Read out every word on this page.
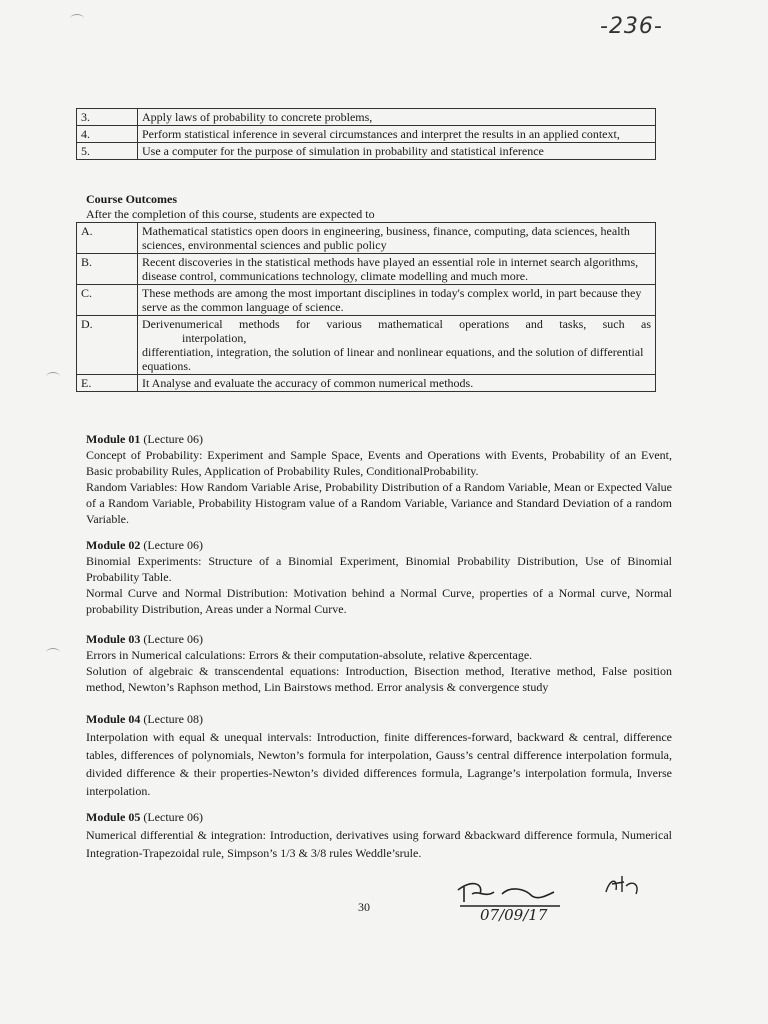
-236-
3.	Apply laws of probability to concrete problems,
4.	Perform statistical inference in several circumstances and interpret the results in an applied context,
5.	Use a computer for the purpose of simulation in probability and statistical inference
Course Outcomes
After the completion of this course, students are expected to
A.	Mathematical statistics open doors in engineering, business, finance, computing, data sciences, health sciences, environmental sciences and public policy
B.	Recent discoveries in the statistical methods have played an essential role in internet search algorithms, disease control, communications technology, climate modelling and much more.
C.	These methods are among the most important disciplines in today's complex world, in part because they serve as the common language of science.
D.	Derivenumerical methods for various mathematical operations and tasks, such as
interpolation,
differentiation, integration, the solution of linear and nonlinear equations, and the solution of differential equations.

E.	It Analyse and evaluate the accuracy of common numerical methods.
Module 01 (Lecture 06)

Concept of Probability: Experiment and Sample Space, Events and Operations with Events, Probability of an Event, Basic probability Rules, Application of Probability Rules, ConditionalProbability.

Random Variables: How Random Variable Arise, Probability Distribution of a Random Variable, Mean or Expected Value of a Random Variable, Probability Histogram value of a Random Variable, Variance and Standard Deviation of a random Variable.

Module 02 (Lecture 06)

Binomial Experiments: Structure of a Binomial Experiment, Binomial Probability Distribution, Use of Binomial Probability Table.

Normal Curve and Normal Distribution: Motivation behind a Normal Curve, properties of a Normal curve, Normal probability Distribution, Areas under a Normal Curve.

Module 03 (Lecture 06)

Errors in Numerical calculations: Errors & their computation-absolute, relative &percentage.

Solution of algebraic & transcendental equations: Introduction, Bisection method, Iterative method, False position method, Newton’s Raphson method, Lin Bairstows method. Error analysis & convergence study

Module 04 (Lecture 08)

Interpolation with equal & unequal intervals: Introduction, finite differences-forward, backward & central, difference tables, differences of polynomials, Newton’s formula for interpolation, Gauss’s central difference interpolation formula, divided difference & their properties-Newton’s divided differences formula, Lagrange’s interpolation formula, Inverse interpolation.

Module 05 (Lecture 06)

Numerical differential & integration: Introduction, derivatives using forward &backward difference formula, Numerical Integration-Trapezoidal rule, Simpson’s 1/3 & 3/8 rules Weddle’srule.

30	07/09/17
